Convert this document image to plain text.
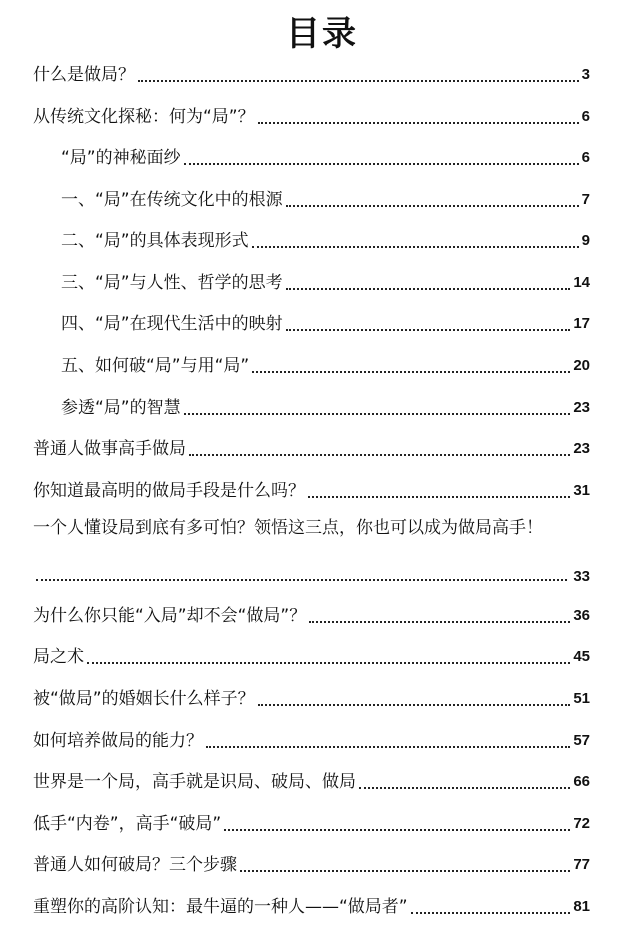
目录
什么是做局？	3
从传统文化探秘：何为“局”？	6
“局”的神秘面纱	6
一、“局”在传统文化中的根源	7
二、“局”的具体表现形式	9
三、“局”与人性、哲学的思考	14
四、“局”在现代生活中的映射	17
五、如何破“局”与用“局”	20
参透“局”的智慧	23
普通人做事高手做局	23
你知道最高明的做局手段是什么吗？	31
一个人懂设局到底有多可怕？领悟这三点，你也可以成为做局高手！
33
为什么你只能“入局”却不会“做局”？	36
局之术	45
被“做局”的婚姻长什么样子？	51
如何培养做局的能力？	57
世界是一个局，高手就是识局、破局、做局	66
低手“内卷”，高手“破局”	72
普通人如何破局？三个步骤	77
重塑你的高阶认知：最牛逼的一种人——“做局者”	81
